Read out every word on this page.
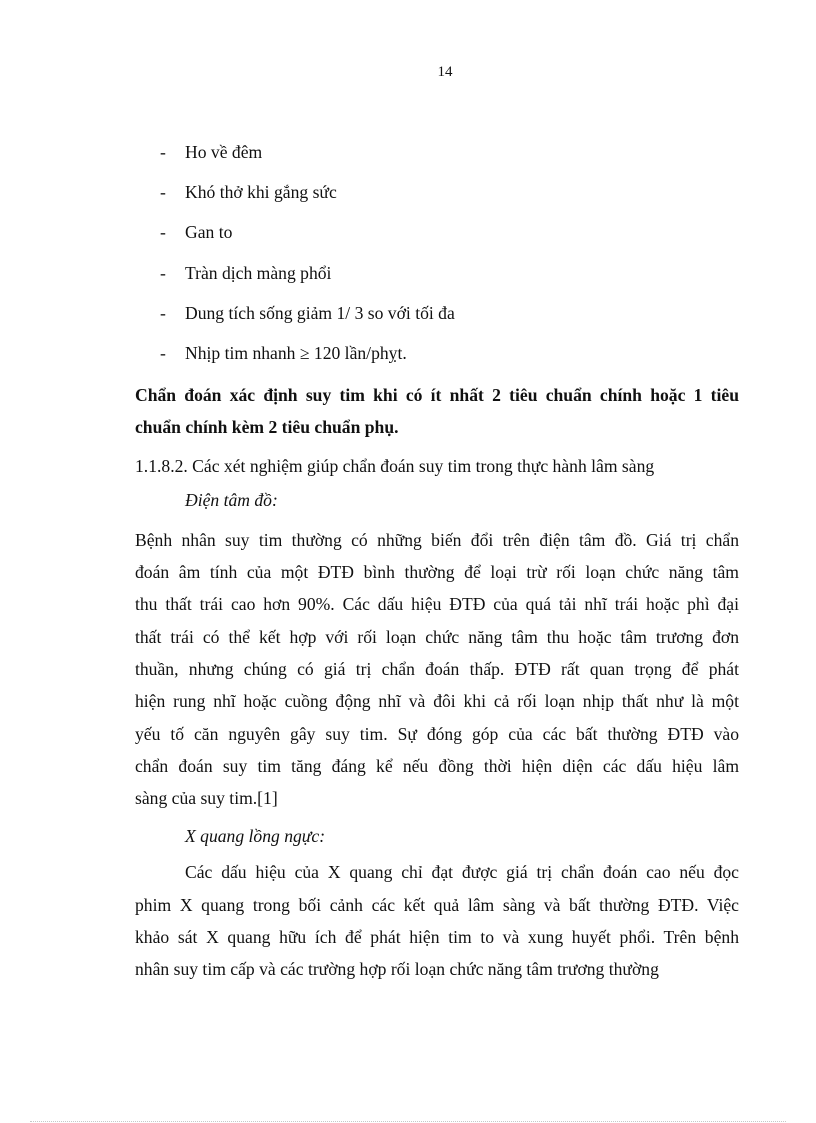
14
- Ho về đêm
- Khó thở khi gắng sức
- Gan to
- Tràn dịch màng phổi
- Dung tích sống giảm 1/ 3 so với tối đa
- Nhịp tim nhanh ≥ 120 lần/phỵt.

Chẩn đoán xác định suy tim khi có ít nhất 2 tiêu chuẩn chính hoặc 1 tiêu
chuẩn chính kèm 2 tiêu chuẩn phụ.

1.1.8.2. Các xét nghiệm giúp chẩn đoán suy tim trong thực hành lâm sàng
Điện tâm đồ:

Bệnh nhân suy tim thường có những biến đổi trên điện tâm đồ. Giá trị chẩn
đoán âm tính của một ĐTĐ bình thường để loại trừ rối loạn chức năng tâm
thu thất trái cao hơn 90%. Các dấu hiệu ĐTĐ của quá tải nhĩ trái hoặc phì đại
thất trái có thể kết hợp với rối loạn chức năng tâm thu hoặc tâm trương đơn
thuần, nhưng chúng có giá trị chẩn đoán thấp. ĐTĐ rất quan trọng để phát
hiện rung nhĩ hoặc cuồng động nhĩ và đôi khi cả rối loạn nhịp thất như là một
yếu tố căn nguyên gây suy tim. Sự đóng góp của các bất thường ĐTĐ vào
chẩn đoán suy tim tăng đáng kể nếu đồng thời hiện diện các dấu hiệu lâm
sàng của suy tim.[1]

X quang lồng ngực:

Các dấu hiệu của X quang chỉ đạt được giá trị chẩn đoán cao nếu đọc
phim X quang trong bối cảnh các kết quả lâm sàng và bất thường ĐTĐ. Việc
khảo sát X quang hữu ích để phát hiện tim to và xung huyết phổi. Trên bệnh
nhân suy tim cấp và các trường hợp rối loạn chức năng tâm trương thường
